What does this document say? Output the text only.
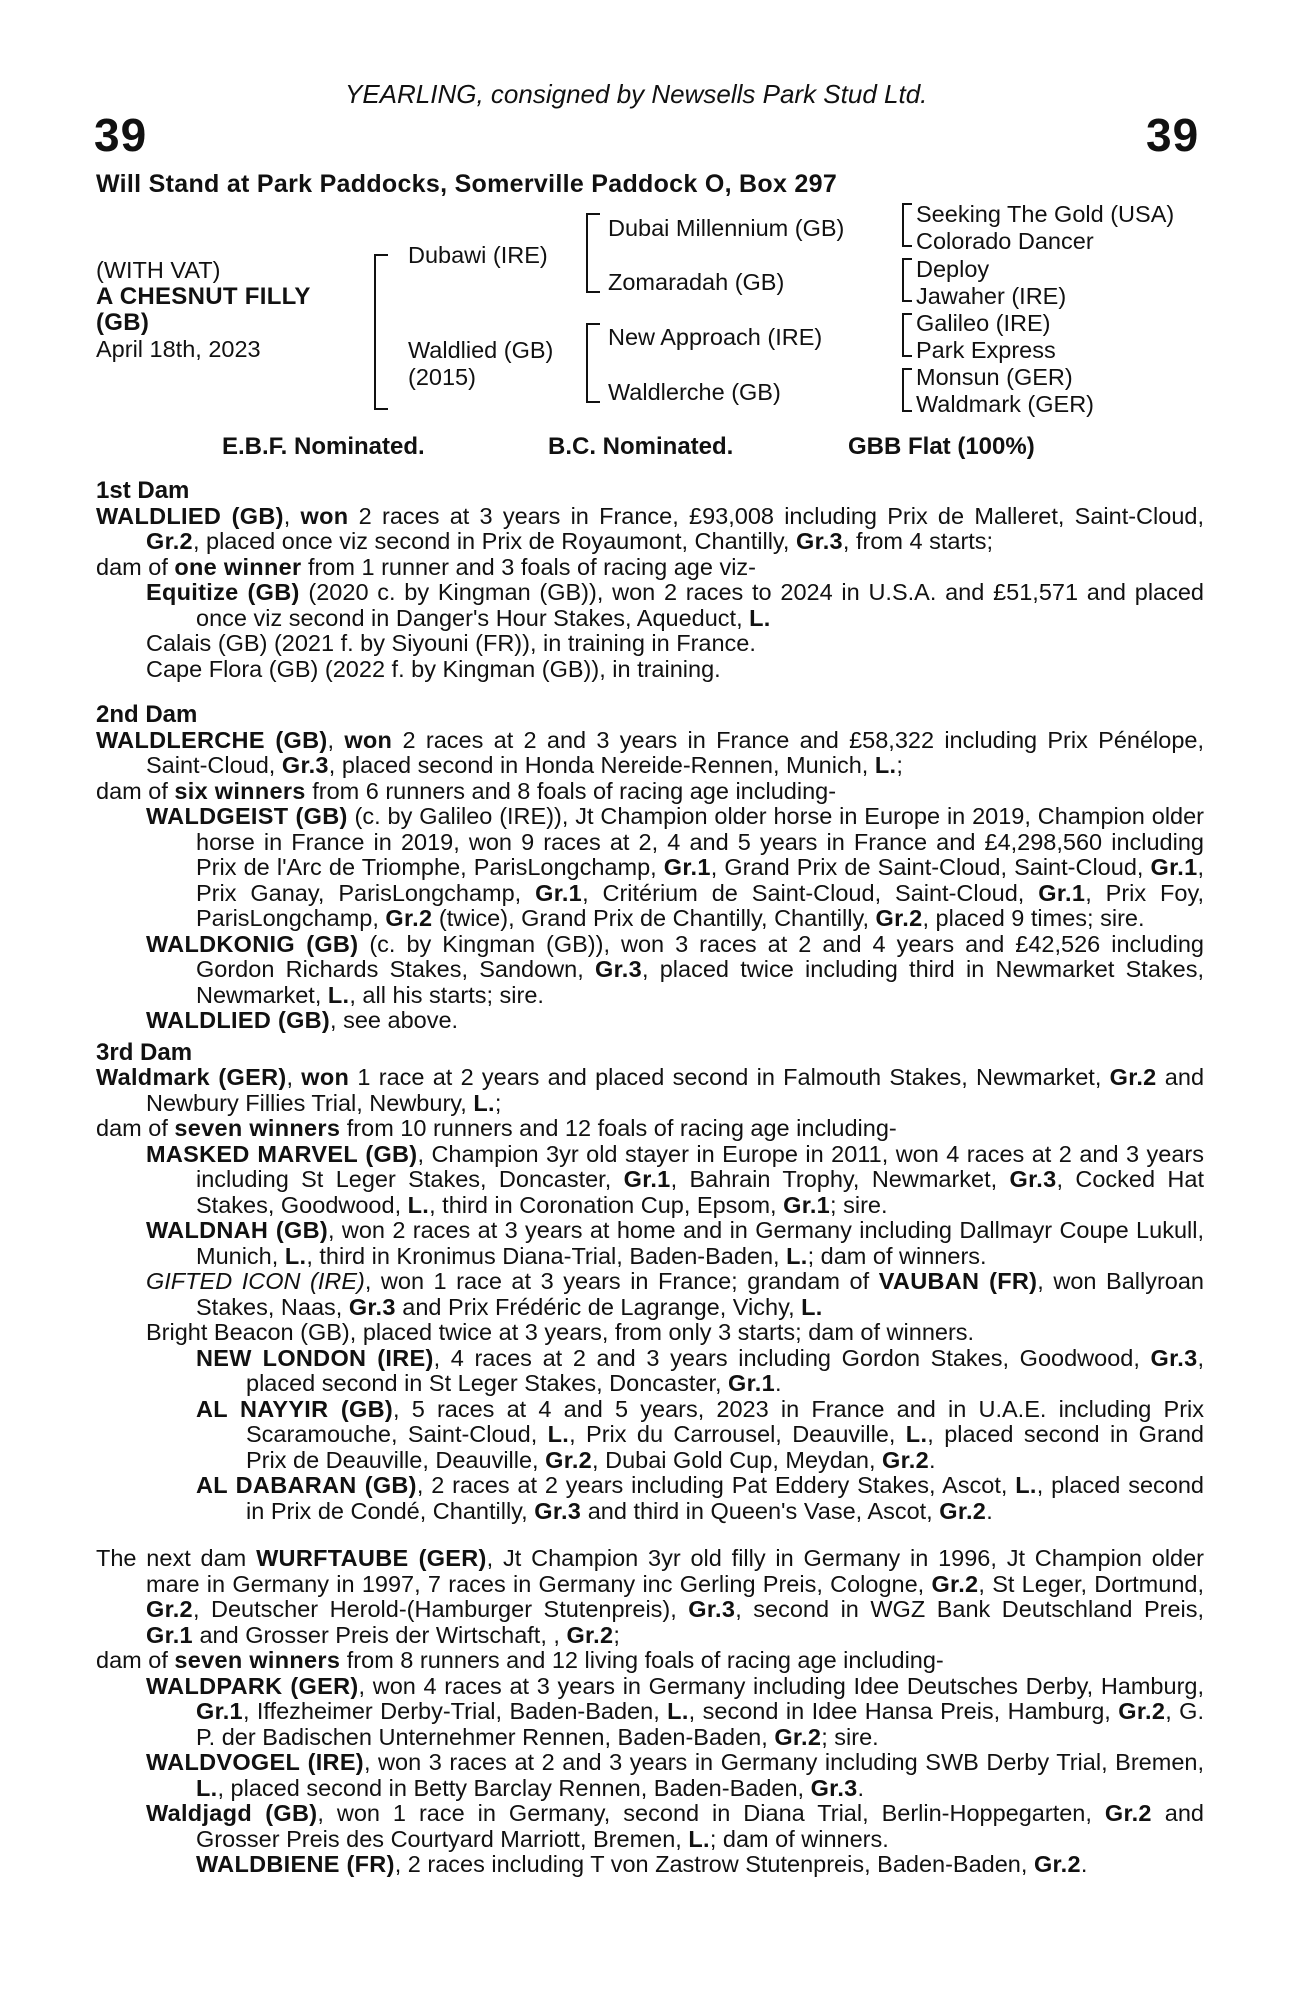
YEARLING, consigned by Newsells Park Stud Ltd.
39	39
Will Stand at Park Paddocks, Somerville Paddock O, Box 297
(WITH VAT)
A CHESNUT FILLY
(GB)
April 18th, 2023
Dubawi (IRE)
Waldlied (GB)
(2015)
Dubai Millennium (GB)
Zomaradah (GB)
New Approach (IRE)
Waldlerche (GB)
Seeking The Gold (USA)
Colorado Dancer
Deploy
Jawaher (IRE)
Galileo (IRE)
Park Express
Monsun (GER)
Waldmark (GER)
E.B.F. Nominated.	B.C. Nominated.	GBB Flat (100%)
1st Dam
WALDLIED (GB), won 2 races at 3 years in France, £93,008 including Prix de Malleret, Saint-Cloud, Gr.2, placed once viz second in Prix de Royaumont, Chantilly, Gr.3, from 4 starts;
dam of one winner from 1 runner and 3 foals of racing age viz-
Equitize (GB) (2020 c. by Kingman (GB)), won 2 races to 2024 in U.S.A. and £51,571 and placed once viz second in Danger's Hour Stakes, Aqueduct, L.
Calais (GB) (2021 f. by Siyouni (FR)), in training in France.
Cape Flora (GB) (2022 f. by Kingman (GB)), in training.
2nd Dam
WALDLERCHE (GB), won 2 races at 2 and 3 years in France and £58,322 including Prix Pénélope, Saint-Cloud, Gr.3, placed second in Honda Nereide-Rennen, Munich, L.;
dam of six winners from 6 runners and 8 foals of racing age including-
WALDGEIST (GB) (c. by Galileo (IRE)), Jt Champion older horse in Europe in 2019, Champion older horse in France in 2019, won 9 races at 2, 4 and 5 years in France and £4,298,560 including Prix de l'Arc de Triomphe, ParisLongchamp, Gr.1, Grand Prix de Saint-Cloud, Saint-Cloud, Gr.1, Prix Ganay, ParisLongchamp, Gr.1, Critérium de Saint-Cloud, Saint-Cloud, Gr.1, Prix Foy, ParisLongchamp, Gr.2 (twice), Grand Prix de Chantilly, Chantilly, Gr.2, placed 9 times; sire.
WALDKONIG (GB) (c. by Kingman (GB)), won 3 races at 2 and 4 years and £42,526 including Gordon Richards Stakes, Sandown, Gr.3, placed twice including third in Newmarket Stakes, Newmarket, L., all his starts; sire.
WALDLIED (GB), see above.
3rd Dam
Waldmark (GER), won 1 race at 2 years and placed second in Falmouth Stakes, Newmarket, Gr.2 and Newbury Fillies Trial, Newbury, L.;
dam of seven winners from 10 runners and 12 foals of racing age including-
MASKED MARVEL (GB), Champion 3yr old stayer in Europe in 2011, won 4 races at 2 and 3 years including St Leger Stakes, Doncaster, Gr.1, Bahrain Trophy, Newmarket, Gr.3, Cocked Hat Stakes, Goodwood, L., third in Coronation Cup, Epsom, Gr.1; sire.
WALDNAH (GB), won 2 races at 3 years at home and in Germany including Dallmayr Coupe Lukull, Munich, L., third in Kronimus Diana-Trial, Baden-Baden, L.; dam of winners.
GIFTED ICON (IRE), won 1 race at 3 years in France; grandam of VAUBAN (FR), won Ballyroan Stakes, Naas, Gr.3 and Prix Frédéric de Lagrange, Vichy, L.
Bright Beacon (GB), placed twice at 3 years, from only 3 starts; dam of winners.
NEW LONDON (IRE), 4 races at 2 and 3 years including Gordon Stakes, Goodwood, Gr.3, placed second in St Leger Stakes, Doncaster, Gr.1.
AL NAYYIR (GB), 5 races at 4 and 5 years, 2023 in France and in U.A.E. including Prix Scaramouche, Saint-Cloud, L., Prix du Carrousel, Deauville, L., placed second in Grand Prix de Deauville, Deauville, Gr.2, Dubai Gold Cup, Meydan, Gr.2.
AL DABARAN (GB), 2 races at 2 years including Pat Eddery Stakes, Ascot, L., placed second in Prix de Condé, Chantilly, Gr.3 and third in Queen's Vase, Ascot, Gr.2.
The next dam WURFTAUBE (GER), Jt Champion 3yr old filly in Germany in 1996, Jt Champion older mare in Germany in 1997, 7 races in Germany inc Gerling Preis, Cologne, Gr.2, St Leger, Dortmund, Gr.2, Deutscher Herold-(Hamburger Stutenpreis), Gr.3, second in WGZ Bank Deutschland Preis, Gr.1 and Grosser Preis der Wirtschaft, , Gr.2;
dam of seven winners from 8 runners and 12 living foals of racing age including-
WALDPARK (GER), won 4 races at 3 years in Germany including Idee Deutsches Derby, Hamburg, Gr.1, Iffezheimer Derby-Trial, Baden-Baden, L., second in Idee Hansa Preis, Hamburg, Gr.2, G. P. der Badischen Unternehmer Rennen, Baden-Baden, Gr.2; sire.
WALDVOGEL (IRE), won 3 races at 2 and 3 years in Germany including SWB Derby Trial, Bremen, L., placed second in Betty Barclay Rennen, Baden-Baden, Gr.3.
Waldjagd (GB), won 1 race in Germany, second in Diana Trial, Berlin-Hoppegarten, Gr.2 and Grosser Preis des Courtyard Marriott, Bremen, L.; dam of winners.
WALDBIENE (FR), 2 races including T von Zastrow Stutenpreis, Baden-Baden, Gr.2.
